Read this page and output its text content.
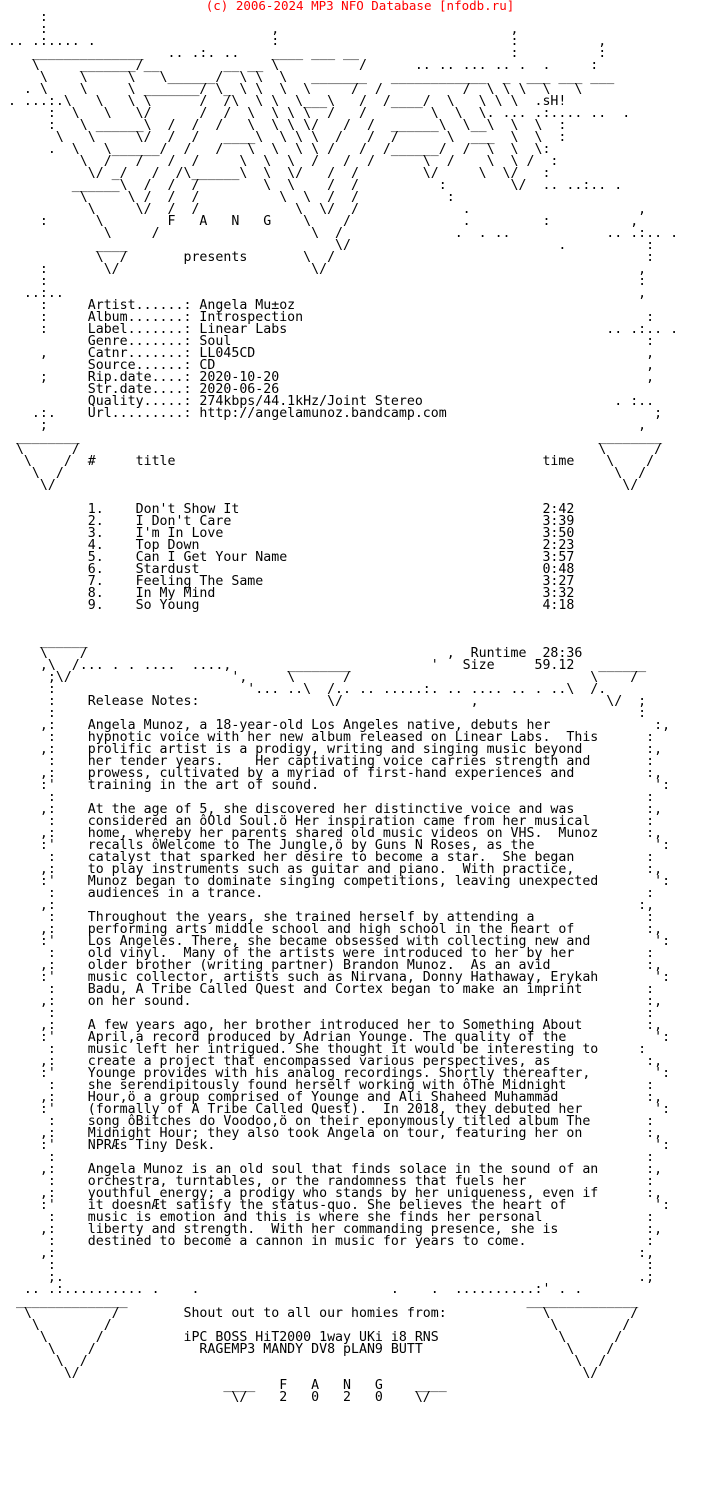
(c) 2006-2024 MP3 NFO Database [nfodb.ru]
:
:                            ,                             ,
.. .:.... .                      :                             :          ,
______________   .. .:. ..    ____ ___ __                   :          :
\     _______/__        __ __ \          /      .. .. ... .. .  .     :
\    \     \   \______/  \ \  \   _______   ____________  _  ___ ___ ___
. \    \     \ _______/ \_ \ \  \  \     /  /          /  \ \ \  \   \
. ...:.\   \   \ \      /  /\  \ \  \___\   /  /____/  \   \ \ \  .sH!
:  \   \   \/      /  /  \  \ \ \  /   /        \  \  \. ... .:.... ..  .
:   \ ______\  /  /  /   \  \ \ \/   /  /  ______\  \__\  \  \  :
\   \     \/  /  /   ____\  \ \ \  /   /  /      \  ___  \  \  :
.  \   \______/  /   /   \  \  \ \ /   /  /______/  /  \  \  \:
\  /   /   /  /     \  \  \  /   /  /      \  /    \  \ /  :
\/ _/   /  /\______\  \  \/   /  /        \/     \  \/   :
______\  /  /  /        \  \    /  /          :        \/  .. ..:.. .
\     \ /  /  /          \  \  /  /           :
\     \/  /  /            \  \/  /             .                     ,
:      \        F   A   N   G    \    /              .         :          ,
\     /                   \  /              .  . ..            .. .:.. .
____                          \/                          .          :
\  /       presents       \  /                                       :
:       \/                        \/                                       ,
:                                                                          :
..:..                                                                        ,
:     Artist......: Angela Mu±oz
:     Album.......: Introspection                                           :
:     Label.......: Linear Labs                                        .. .:.. .
Genre.......: Soul                                                    :
,     Catnr.......: LL045CD                                                 ,
Source......: CD                                                      ,
;     Rip.date....: 2020-10-20                                              ,
Str.date....: 2020-06-26
Quality.....: 274kbps/44.1kHz/Joint Stereo                        . :..
.:.    Url.........: http://angelamunoz.bandcamp.com                          ;
;                                                                          ,
________                                                                 ________
\      /                                                                 \      /
\    /  #     title                                              time    \    /
\  /                                                                     \  /
\/                                                                       \/

1.    Don't Show It                                      2:42
2.    I Don't Care                                       3:39
3.    I'm In Love                                        3:50
4.    Top Down                                           2:23
5.    Can I Get Your Name                                3:57
6.    Stardust                                           0:48
7.    Feeling The Same                                   3:27
8.    In My Mind                                         3:32
9.    So Young                                           4:18

______
\    /                                             ,  Runtime  28:36
,\  /... . . ....  ....,       ________          '   Size     59.12   ______
;\/                    ',     \      /                              \    /
:                        '... ..\  /.. .. .....:. .. .... .. . ..\  /.
:    Release Notes:                \/                ,                \/  ;
:                                                                         :
,:    Angela Munoz, a 18-year-old Los Angeles native, debuts her             :,
:    hypnotic voice with her new album released on Linear Labs.  This      :
,:    prolific artist is a prodigy, writing and singing music beyond        :,
:    her tender years.    Her captivating voice carries strength and       :
,:    prowess, cultivated by a myriad of first-hand experiences and         :,
:'    training in the art of sound.                                          ':
:                                                                          :
,:    At the age of 5, she discovered her distinctive voice and was         :,
:    considered an ôOld Soul.ö Her inspiration came from her musical       :
,:    home, whereby her parents shared old music videos on VHS.  Munoz      :,
:'    recalls ôWelcome to The Jungle,ö by Guns N Roses, as the               ':
:    catalyst that sparked her desire to become a star.  She began         :
,:    to play instruments such as guitar and piano.  With practice,         :,
:'    Munoz began to dominate singing competitions, leaving unexpected       ':
:    audiences in a trance.                                                :
,:                                                                         :,
:    Throughout the years, she trained herself by attending a              :
,:    performing arts middle school and high school in the heart of         :,
:'    Los Angeles. There, she became obsessed with collecting new and        ':
:    old vinyl.  Many of the artists were introduced to her by her         :
,:    older brother (writing partner) Brandon Munoz.  As an avid            :,
:'    music collector, artists such as Nirvana, Donny Hathaway, Erykah       ':
:    Badu, A Tribe Called Quest and Cortex began to make an imprint        :
,:    on her sound.                                                         :,
:                                                                          :
,:    A few years ago, her brother introduced her to Something About        :,
:'    April,a record produced by Adrian Younge. The quality of the           ':
:    music left her intrigued. She thought it would be interesting to     :
,:    create a project that encompassed various perspectives, as            :,
:'    Younge provides with his analog recordings. Shortly thereafter,        ':
:    she serendipitously found herself working with ôThe Midnight          :
,:    Hour,ö a group comprised of Younge and Ali Shaheed Muhammad           :,
:'    (formally of A Tribe Called Quest).  In 2018, they debuted her         ':
:    song ôBitches do Voodoo,ö on their eponymously titled album The       :
,:    Midnight Hour; they also took Angela on tour, featuring her on        :,
:'    NPRÆs Tiny Desk.                                                       ':
:                                                                          :
,:    Angela Munoz is an old soul that finds solace in the sound of an      :,
:    orchestra, turntables, or the randomness that fuels her               :
,:    youthful energy; a prodigy who stands by her uniqueness, even if      :,
:'    it doesnÆt satisfy the status-quo. She believes the heart of           ':
:    music is emotion and this is where she finds her personal             :
,:    liberty and strength.  With her commanding presence, she is           :,
:    destined to become a cannon in music for years to come.               :
,:                                                                         :,
:                                                                          :
;.                                                                        .;
.. .:.......... .    .                        .    .  ..........:' . .
______________                                                  ______________
\          /        Shout out to all our homies from:            \          /
\        /                                                       \        /
\      /          iPC BOSS HiT2000 1way UKi i8 RNS               \      /
\    /             RAGEMP3 MANDY DV8 pLAN9 BUTT                  \    /
\  /                                                             \  /
\/                                                               \/
____   F   A   N   G    ____
\/    2   0   2   0    \/
